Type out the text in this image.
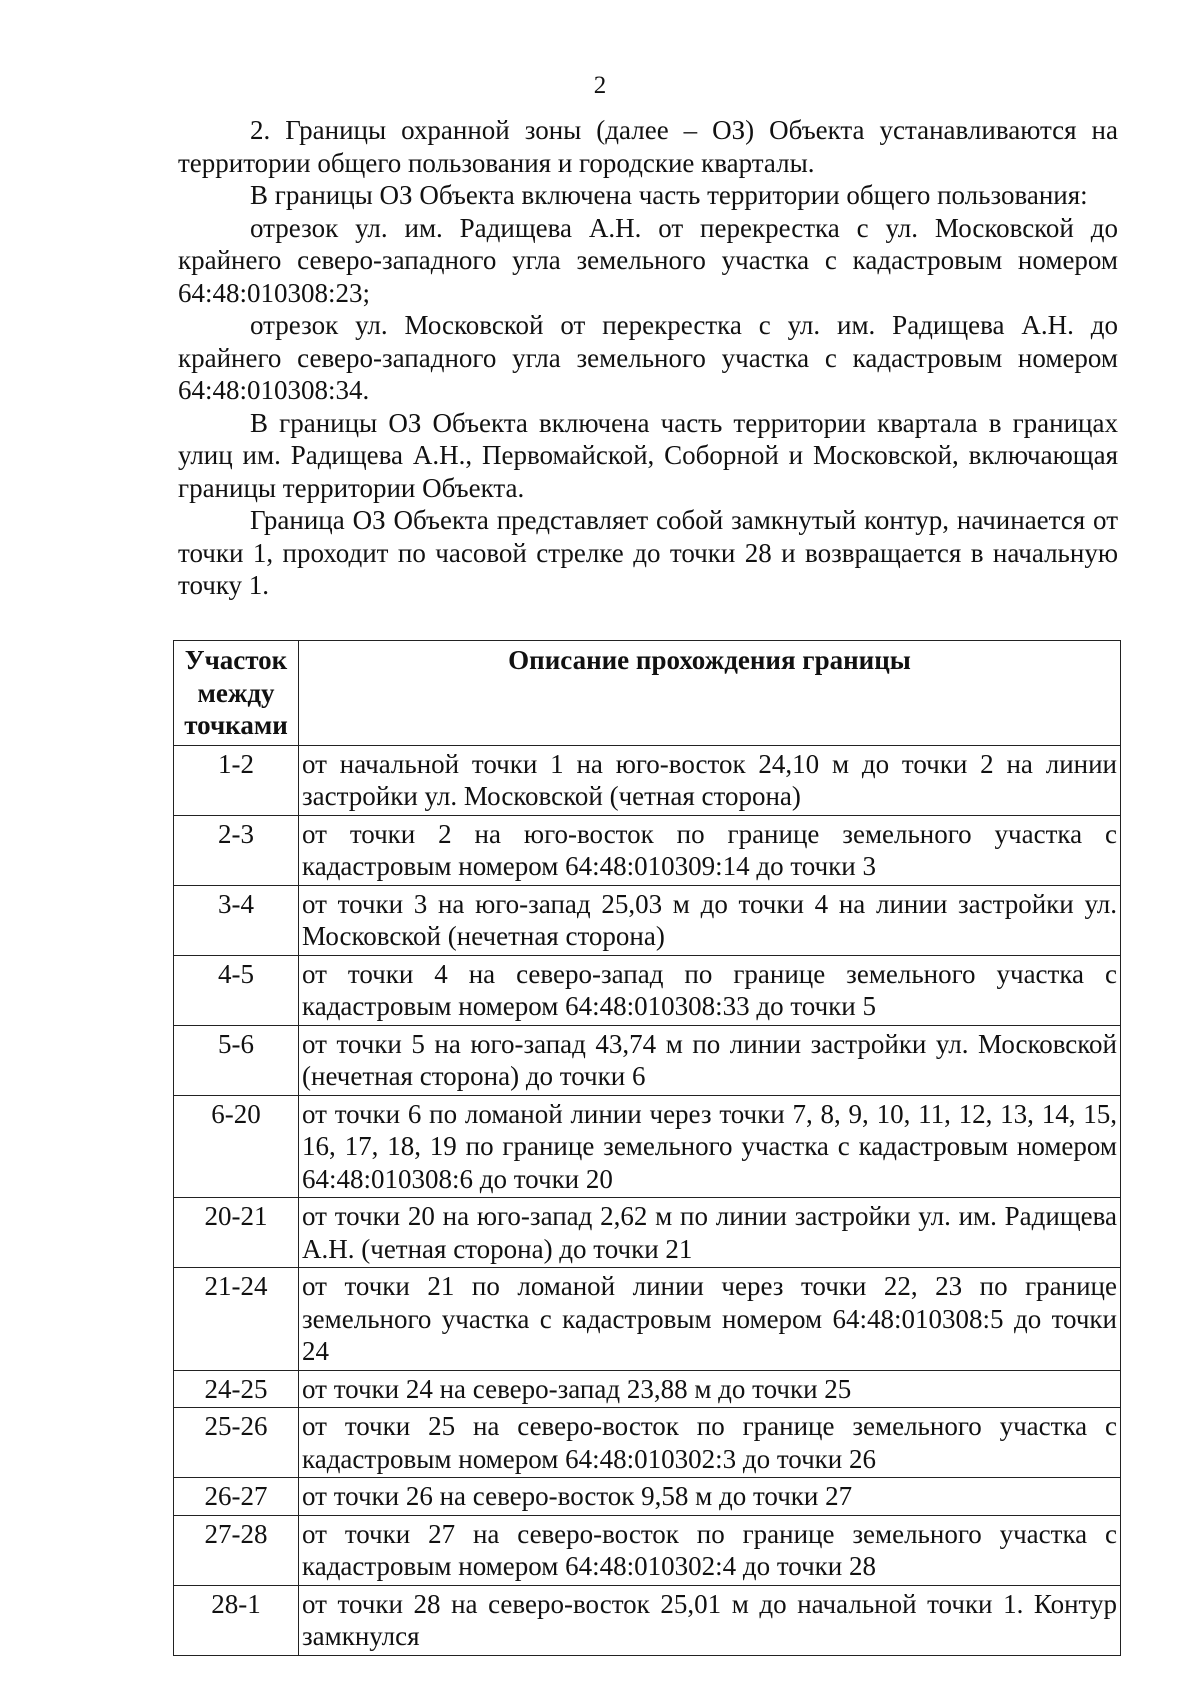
2

2. Границы охранной зоны (далее – ОЗ) Объекта устанавливаются на территории общего пользования и городские кварталы.

В границы ОЗ Объекта включена часть территории общего пользования:

отрезок ул. им. Радищева А.Н. от перекрестка с ул. Московской до крайнего северо-западного угла земельного участка с кадастровым номером 64:48:010308:23;

отрезок ул. Московской от перекрестка с ул. им. Радищева А.Н. до крайнего северо-западного угла земельного участка с кадастровым номером 64:48:010308:34.

В границы ОЗ Объекта включена часть территории квартала в границах улиц им. Радищева А.Н., Первомайской, Соборной и Московской, включающая границы территории Объекта.

Граница ОЗ Объекта представляет собой замкнутый контур, начинается от точки 1, проходит по часовой стрелке до точки 28 и возвращается в начальную точку 1.

Участок между точками	Описание прохождения границы
1-2	от начальной точки 1 на юго-восток 24,10 м до точки 2 на линии застройки ул. Московской (четная сторона)
2-3	от точки 2 на юго-восток по границе земельного участка с кадастровым номером 64:48:010309:14 до точки 3
3-4	от точки 3 на юго-запад 25,03 м до точки 4 на линии застройки ул. Московской (нечетная сторона)
4-5	от точки 4 на северо-запад по границе земельного участка с кадастровым номером 64:48:010308:33 до точки 5
5-6	от точки 5 на юго-запад 43,74 м по линии застройки ул. Московской (нечетная сторона) до точки 6
6-20	от точки 6 по ломаной линии через точки 7, 8, 9, 10, 11, 12, 13, 14, 15, 16, 17, 18, 19 по границе земельного участка с кадастровым номером 64:48:010308:6 до точки 20
20-21	от точки 20 на юго-запад 2,62 м по линии застройки ул. им. Радищева А.Н. (четная сторона) до точки 21
21-24	от точки 21 по ломаной линии через точки 22, 23 по границе земельного участка с кадастровым номером 64:48:010308:5 до точки 24
24-25	от точки 24 на северо-запад 23,88 м до точки 25
25-26	от точки 25 на северо-восток по границе земельного участка с кадастровым номером 64:48:010302:3 до точки 26
26-27	от точки 26 на северо-восток 9,58 м до точки 27
27-28	от точки 27 на северо-восток по границе земельного участка с кадастровым номером 64:48:010302:4 до точки 28
28-1	от точки 28 на северо-восток 25,01 м до начальной точки 1. Контур замкнулся
